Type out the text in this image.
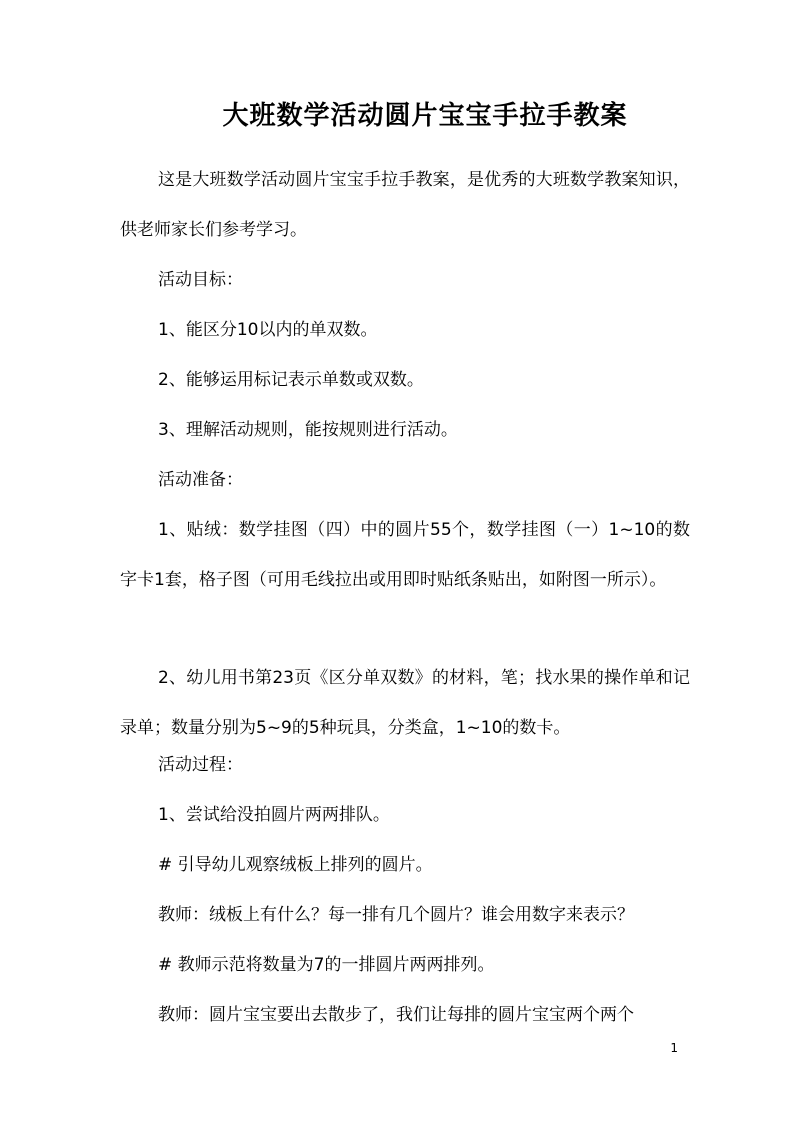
大班数学活动圆片宝宝手拉手教案

这是大班数学活动圆片宝宝手拉手教案，是优秀的大班数学教案知识，供老师家长们参考学习。

活动目标：

1、能区分10以内的单双数。

2、能够运用标记表示单数或双数。

3、理解活动规则，能按规则进行活动。

活动准备：

1、贴绒：数学挂图（四）中的圆片55个，数学挂图（一）1~10的数字卡1套，格子图（可用毛线拉出或用即时贴纸条贴出，如附图一所示）。

2、幼儿用书第23页《区分单双数》的材料，笔；找水果的操作单和记录单；数量分别为5~9的5种玩具，分类盒，1~10的数卡。

活动过程：

1、尝试给没拍圆片两两排队。

# 引导幼儿观察绒板上排列的圆片。

教师：绒板上有什么？每一排有几个圆片？谁会用数字来表示？

# 教师示范将数量为7的一排圆片两两排列。

教师：圆片宝宝要出去散步了，我们让每排的圆片宝宝两个两个

1
